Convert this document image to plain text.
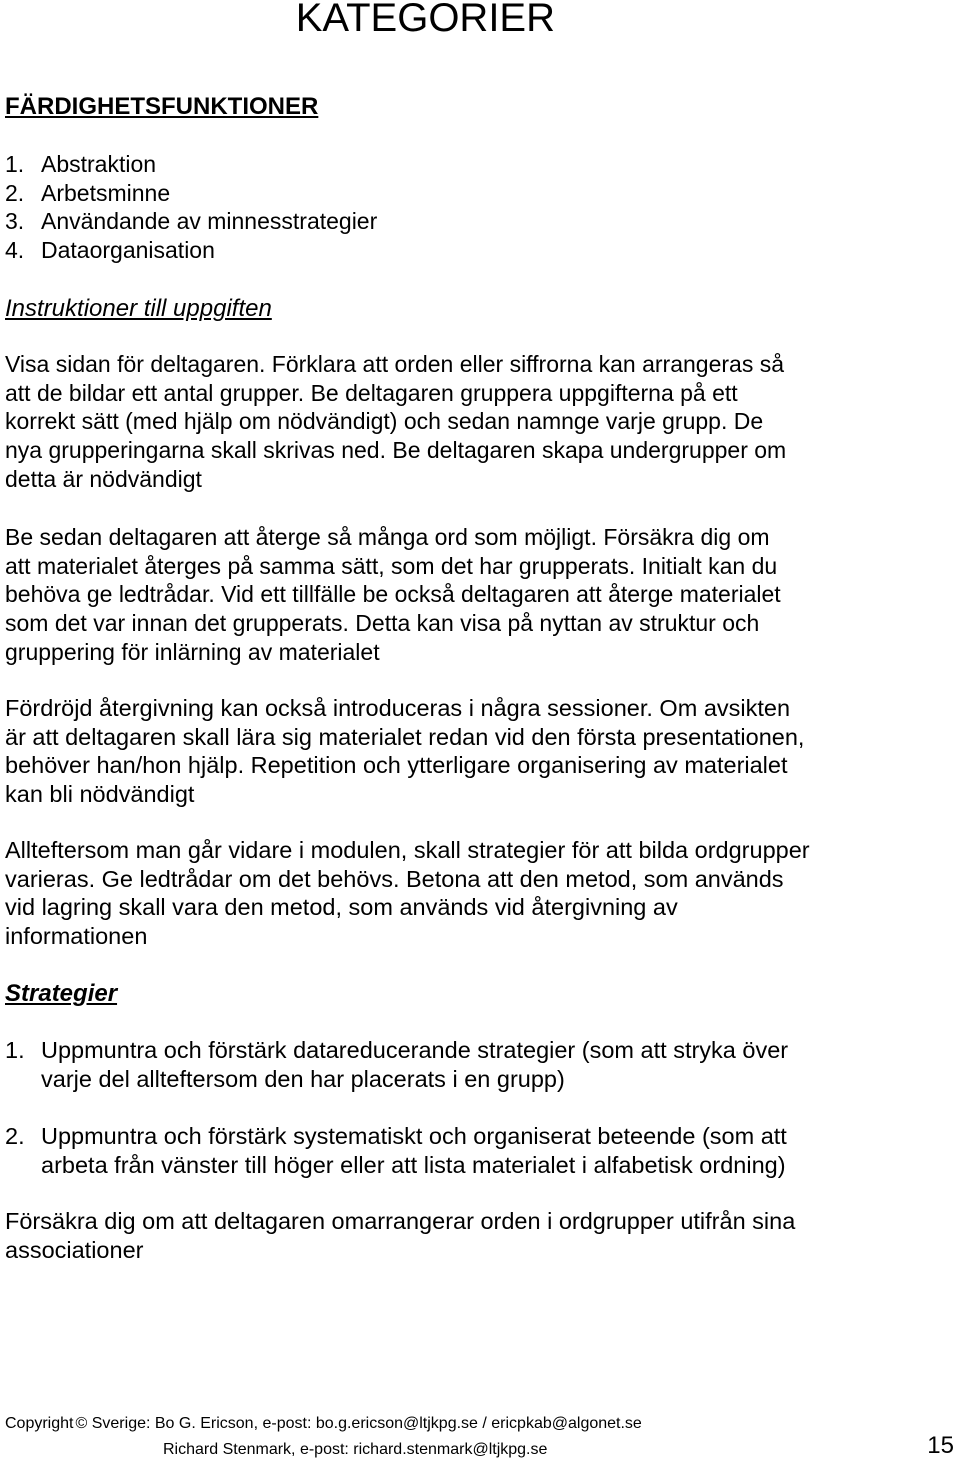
KATEGORIER

FÄRDIGHETSFUNKTIONER

1. Abstraktion
2. Arbetsminne
3. Användande av minnesstrategier
4. Dataorganisation

Instruktioner till uppgiften

Visa sidan för deltagaren. Förklara att orden eller siffrorna kan arrangeras så
att de bildar ett antal grupper. Be deltagaren gruppera uppgifterna på ett
korrekt sätt (med hjälp om nödvändigt) och sedan namnge varje grupp. De
nya grupperingarna skall skrivas ned. Be deltagaren skapa undergrupper om
detta är nödvändigt
Be sedan deltagaren att återge så många ord som möjligt. Försäkra dig om
att materialet återges på samma sätt, som det har grupperats. Initialt kan du
behöva ge ledtrådar. Vid ett tillfälle be också deltagaren att återge materialet
som det var innan det grupperats. Detta kan visa på nyttan av struktur och
gruppering för inlärning av materialet
Fördröjd återgivning kan också introduceras i några sessioner. Om avsikten
är att deltagaren skall lära sig materialet redan vid den första presentationen,
behöver han/hon hjälp. Repetition och ytterligare organisering av materialet
kan bli nödvändigt
Allteftersom man går vidare i modulen, skall strategier för att bilda ordgrupper
varieras. Ge ledtrådar om det behövs. Betona att den metod, som används
vid lagring skall vara den metod, som används vid återgivning av
informationen

Strategier

1. Uppmuntra och förstärk datareducerande strategier (som att stryka över
varje del allteftersom den har placerats i en grupp)
2. Uppmuntra och förstärk systematiskt och organiserat beteende (som att
arbeta från vänster till höger eller att lista materialet i alfabetisk ordning)
Försäkra dig om att deltagaren omarrangerar orden i ordgrupper utifrån sina
associationer

Copyright © Sverige: Bo G. Ericson, e-post: bo.g.ericson@ltjkpg.se / ericpkab@algonet.se

Richard Stenmark, e-post: richard.stenmark@ltjkpg.se	15
